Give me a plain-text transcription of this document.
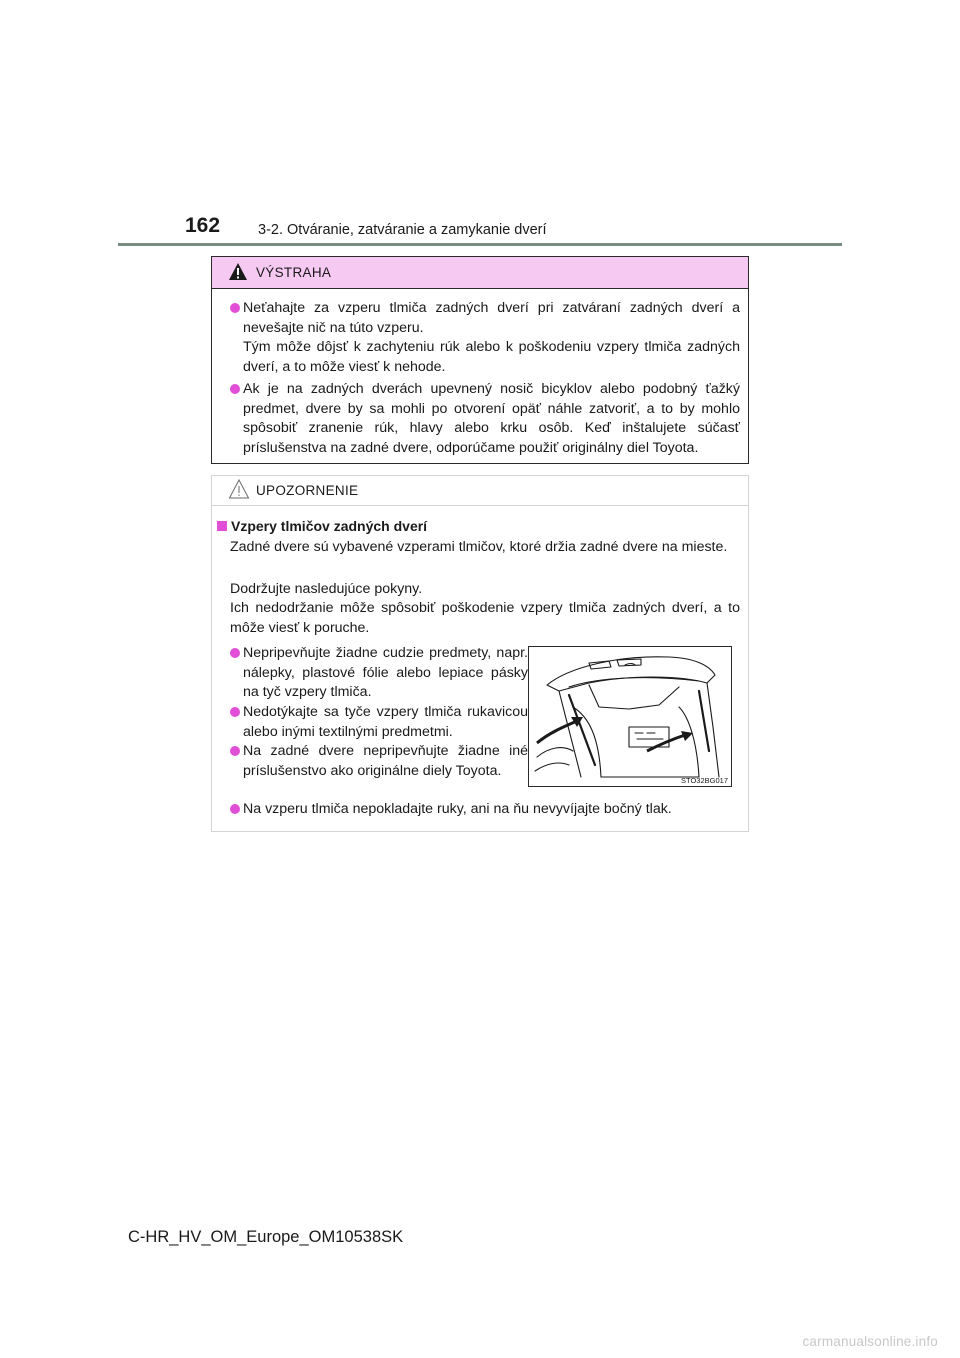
162	3-2. Otváranie, zatváranie a zamykanie dverí
VÝSTRAHA
Neťahajte za vzperu tlmiča zadných dverí pri zatváraní zadných dverí a nevešajte nič na túto vzperu.
Tým môže dôjsť k zachyteniu rúk alebo k poškodeniu vzpery tlmiča zadných dverí, a to môže viesť k nehode.
Ak je na zadných dverách upevnený nosič bicyklov alebo podobný ťažký predmet, dvere by sa mohli po otvorení opäť náhle zatvoriť, a to by mohlo spôsobiť zranenie rúk, hlavy alebo krku osôb. Keď inštalujete súčasť príslušenstva na zadné dvere, odporúčame použiť originálny diel Toyota.
UPOZORNENIE
Vzpery tlmičov zadných dverí
Zadné dvere sú vybavené vzperami tlmičov, ktoré držia zadné dvere na mieste.
Dodržujte nasledujúce pokyny.
Ich nedodržanie môže spôsobiť poškodenie vzpery tlmiča zadných dverí, a to môže viesť k poruche.
Nepripevňujte žiadne cudzie predmety, napr. nálepky, plastové fólie alebo lepiace pásky na tyč vzpery tlmiča.
Nedotýkajte sa tyče vzpery tlmiča rukavicou alebo inými textilnými predmetmi.
Na zadné dvere nepripevňujte žiadne iné príslušenstvo ako originálne diely Toyota.
Na vzperu tlmiča nepokladajte ruky, ani na ňu nevyvíjajte bočný tlak.
STO32BG017
C-HR_HV_OM_Europe_OM10538SK
carmanualsonline.info
